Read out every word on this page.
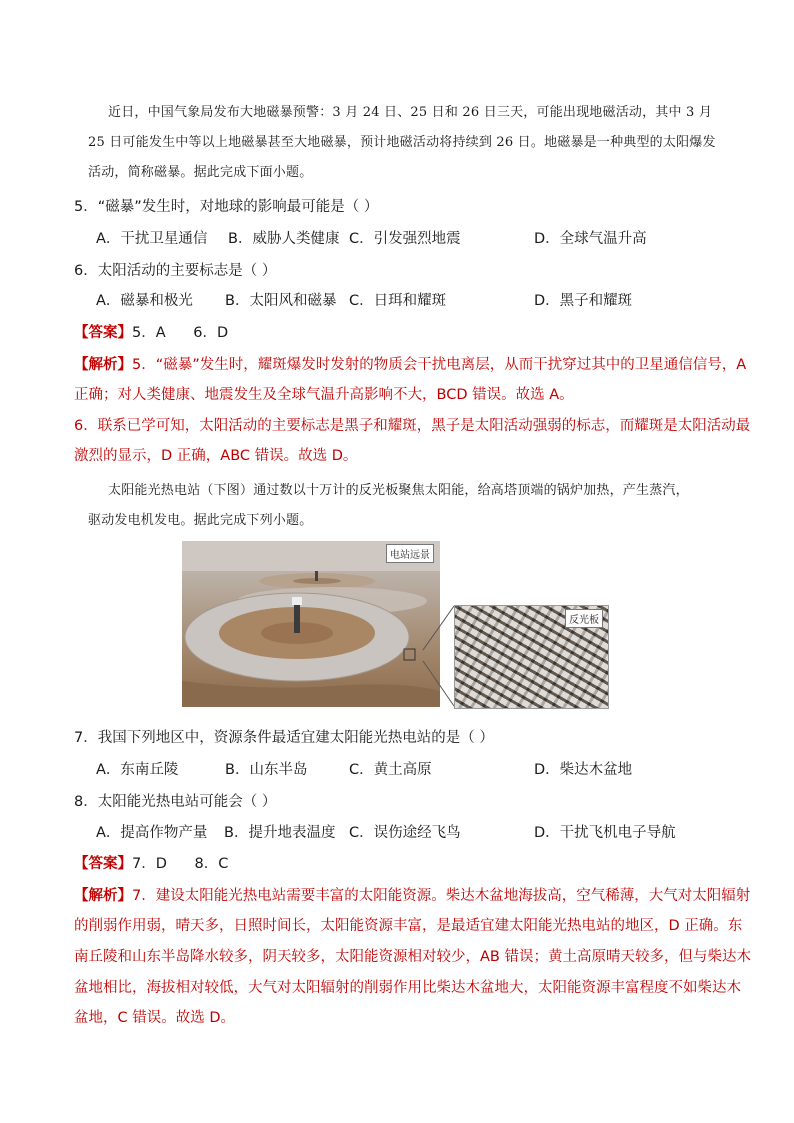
近日，中国气象局发布大地磁暴预警：3 月 24 日、25 日和 26 日三天，可能出现地磁活动，其中 3 月
25 日可能发生中等以上地磁暴甚至大地磁暴，预计地磁活动将持续到 26 日。地磁暴是一种典型的太阳爆发
活动，简称磁暴。据此完成下面小题。
5．“磁暴”发生时，对地球的影响最可能是（ ）
A．干扰卫星通信 B．威胁人类健康 C．引发强烈地震	D．全球气温升高
6．太阳活动的主要标志是（ ）
A．磁暴和极光 B．太阳风和磁暴 C．日珥和耀斑	D．黑子和耀斑
【答案】5．A      6．D
【解析】5．“磁暴”发生时，耀斑爆发时发射的物质会干扰电离层，从而干扰穿过其中的卫星通信信号，A
正确；对人类健康、地震发生及全球气温升高影响不大，BCD 错误。故选 A。
6．联系已学可知，太阳活动的主要标志是黑子和耀斑，黑子是太阳活动强弱的标志，而耀斑是太阳活动最
激烈的显示，D 正确，ABC 错误。故选 D。
太阳能光热电站（下图）通过数以十万计的反光板聚焦太阳能，给高塔顶端的锅炉加热，产生蒸汽，
驱动发电机发电。据此完成下列小题。
电站远景
反光板
7．我国下列地区中，资源条件最适宜建太阳能光热电站的是（ ）
A．东南丘陵	B．山东半岛	C．黄土高原	D．柴达木盆地
8．太阳能光热电站可能会（ ）
A．提高作物产量 B．提升地表温度 C．误伤途经飞鸟	D．干扰飞机电子导航
【答案】7．D      8．C
【解析】7．建设太阳能光热电站需要丰富的太阳能资源。柴达木盆地海拔高，空气稀薄，大气对太阳辐射
的削弱作用弱，晴天多，日照时间长，太阳能资源丰富，是最适宜建太阳能光热电站的地区，D 正确。东
南丘陵和山东半岛降水较多，阴天较多，太阳能资源相对较少，AB 错误；黄土高原晴天较多，但与柴达木
盆地相比，海拔相对较低，大气对太阳辐射的削弱作用比柴达木盆地大，太阳能资源丰富程度不如柴达木
盆地，C 错误。故选 D。
